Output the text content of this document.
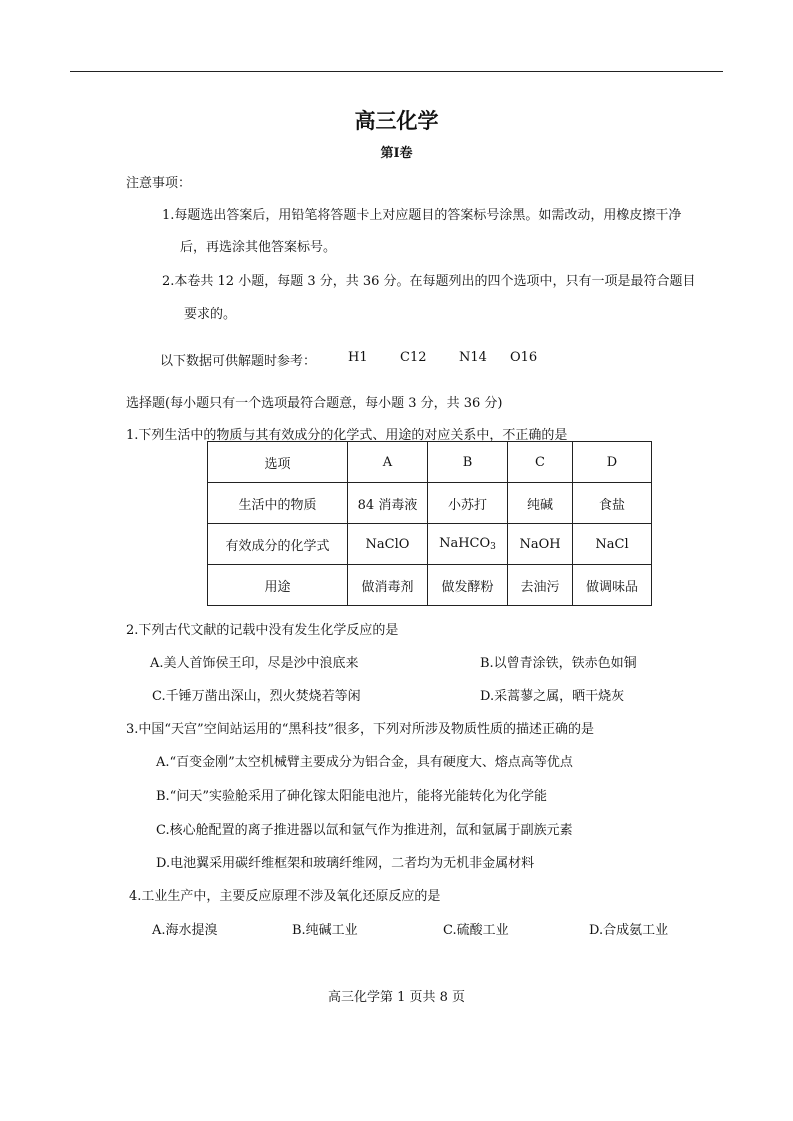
高三化学
第Ⅰ卷
注意事项：
1.每题选出答案后，用铅笔将答题卡上对应题目的答案标号涂黑。如需改动，用橡皮擦干净
后，再选涂其他答案标号。
2.本卷共 12 小题，每题 3 分，共 36 分。在每题列出的四个选项中，只有一项是最符合题目
要求的。
以下数据可供解题时参考： H1 C12	N14 O16
选择题(每小题只有一个选项最符合题意，每小题 3 分，共 36 分)
1.下列生活中的物质与其有效成分的化学式、用途的对应关系中，不正确的是
选项	A	B	C	D
生活中的物质	84 消毒液	小苏打	纯碱	食盐
有效成分的化学式	NaClO	NaHCO$_3$	NaOH	NaCl
用途	做消毒剂	做发酵粉	去油污	做调味品
2.下列古代文献的记载中没有发生化学反应的是
A.美人首饰侯王印，尽是沙中浪底来	B.以曾青涂铁，铁赤色如铜
C.千锤万凿出深山，烈火焚烧若等闲	D.采蒿蓼之属，晒干烧灰
3.中国“天宫”空间站运用的“黑科技”很多，下列对所涉及物质性质的描述正确的是
A.“百变金刚”太空机械臂主要成分为铝合金，具有硬度大、熔点高等优点
B.“问天”实验舱采用了砷化镓太阳能电池片，能将光能转化为化学能
C.核心舱配置的离子推进器以氙和氩气作为推进剂，氙和氩属于副族元素
D.电池翼采用碳纤维框架和玻璃纤维网，二者均为无机非金属材料
4.工业生产中，主要反应原理不涉及氧化还原反应的是
A.海水提溴	B.纯碱工业	C.硫酸工业	D.合成氨工业
高三化学第 1 页共 8 页
